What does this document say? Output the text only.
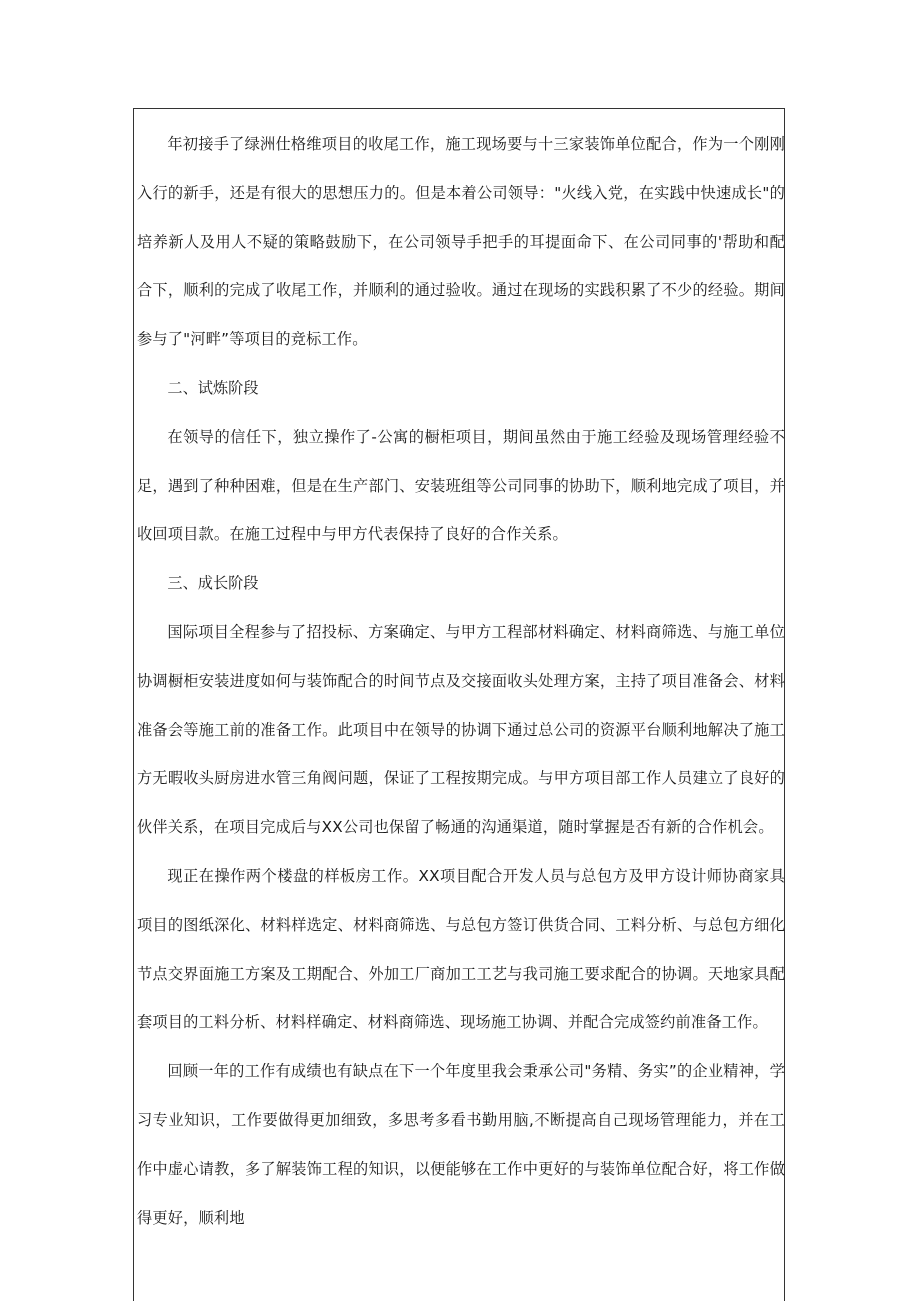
年初接手了绿洲仕格维项目的收尾工作，施工现场要与十三家装饰单位配合，作为一个刚刚入行的新手，还是有很大的思想压力的。但是本着公司领导："火线入党，在实践中快速成长"的培养新人及用人不疑的策略鼓励下，在公司领导手把手的耳提面命下、在公司同事的'帮助和配合下，顺利的完成了收尾工作，并顺利的通过验收。通过在现场的实践积累了不少的经验。期间参与了"河畔”等项目的竞标工作。

二、试炼阶段

在领导的信任下，独立操作了-公寓的橱柜项目，期间虽然由于施工经验及现场管理经验不足，遇到了种种困难，但是在生产部门、安装班组等公司同事的协助下，顺利地完成了项目，并收回项目款。在施工过程中与甲方代表保持了良好的合作关系。

三、成长阶段

国际项目全程参与了招投标、方案确定、与甲方工程部材料确定、材料商筛选、与施工单位协调橱柜安装进度如何与装饰配合的时间节点及交接面收头处理方案，主持了项目准备会、材料准备会等施工前的准备工作。此项目中在领导的协调下通过总公司的资源平台顺利地解决了施工方无暇收头厨房进水管三角阀问题，保证了工程按期完成。与甲方项目部工作人员建立了良好的伙伴关系，在项目完成后与XX公司也保留了畅通的沟通渠道，随时掌握是否有新的合作机会。

现正在操作两个楼盘的样板房工作。XX项目配合开发人员与总包方及甲方设计师协商家具项目的图纸深化、材料样选定、材料商筛选、与总包方签订供货合同、工料分析、与总包方细化节点交界面施工方案及工期配合、外加工厂商加工工艺与我司施工要求配合的协调。天地家具配套项目的工料分析、材料样确定、材料商筛选、现场施工协调、并配合完成签约前准备工作。

回顾一年的工作有成绩也有缺点在下一个年度里我会秉承公司"务精、务实”的企业精神，学习专业知识，工作要做得更加细致，多思考多看书勤用脑,不断提高自己现场管理能力，并在工作中虚心请教，多了解装饰工程的知识，以便能够在工作中更好的与装饰单位配合好，将工作做得更好，顺利地
